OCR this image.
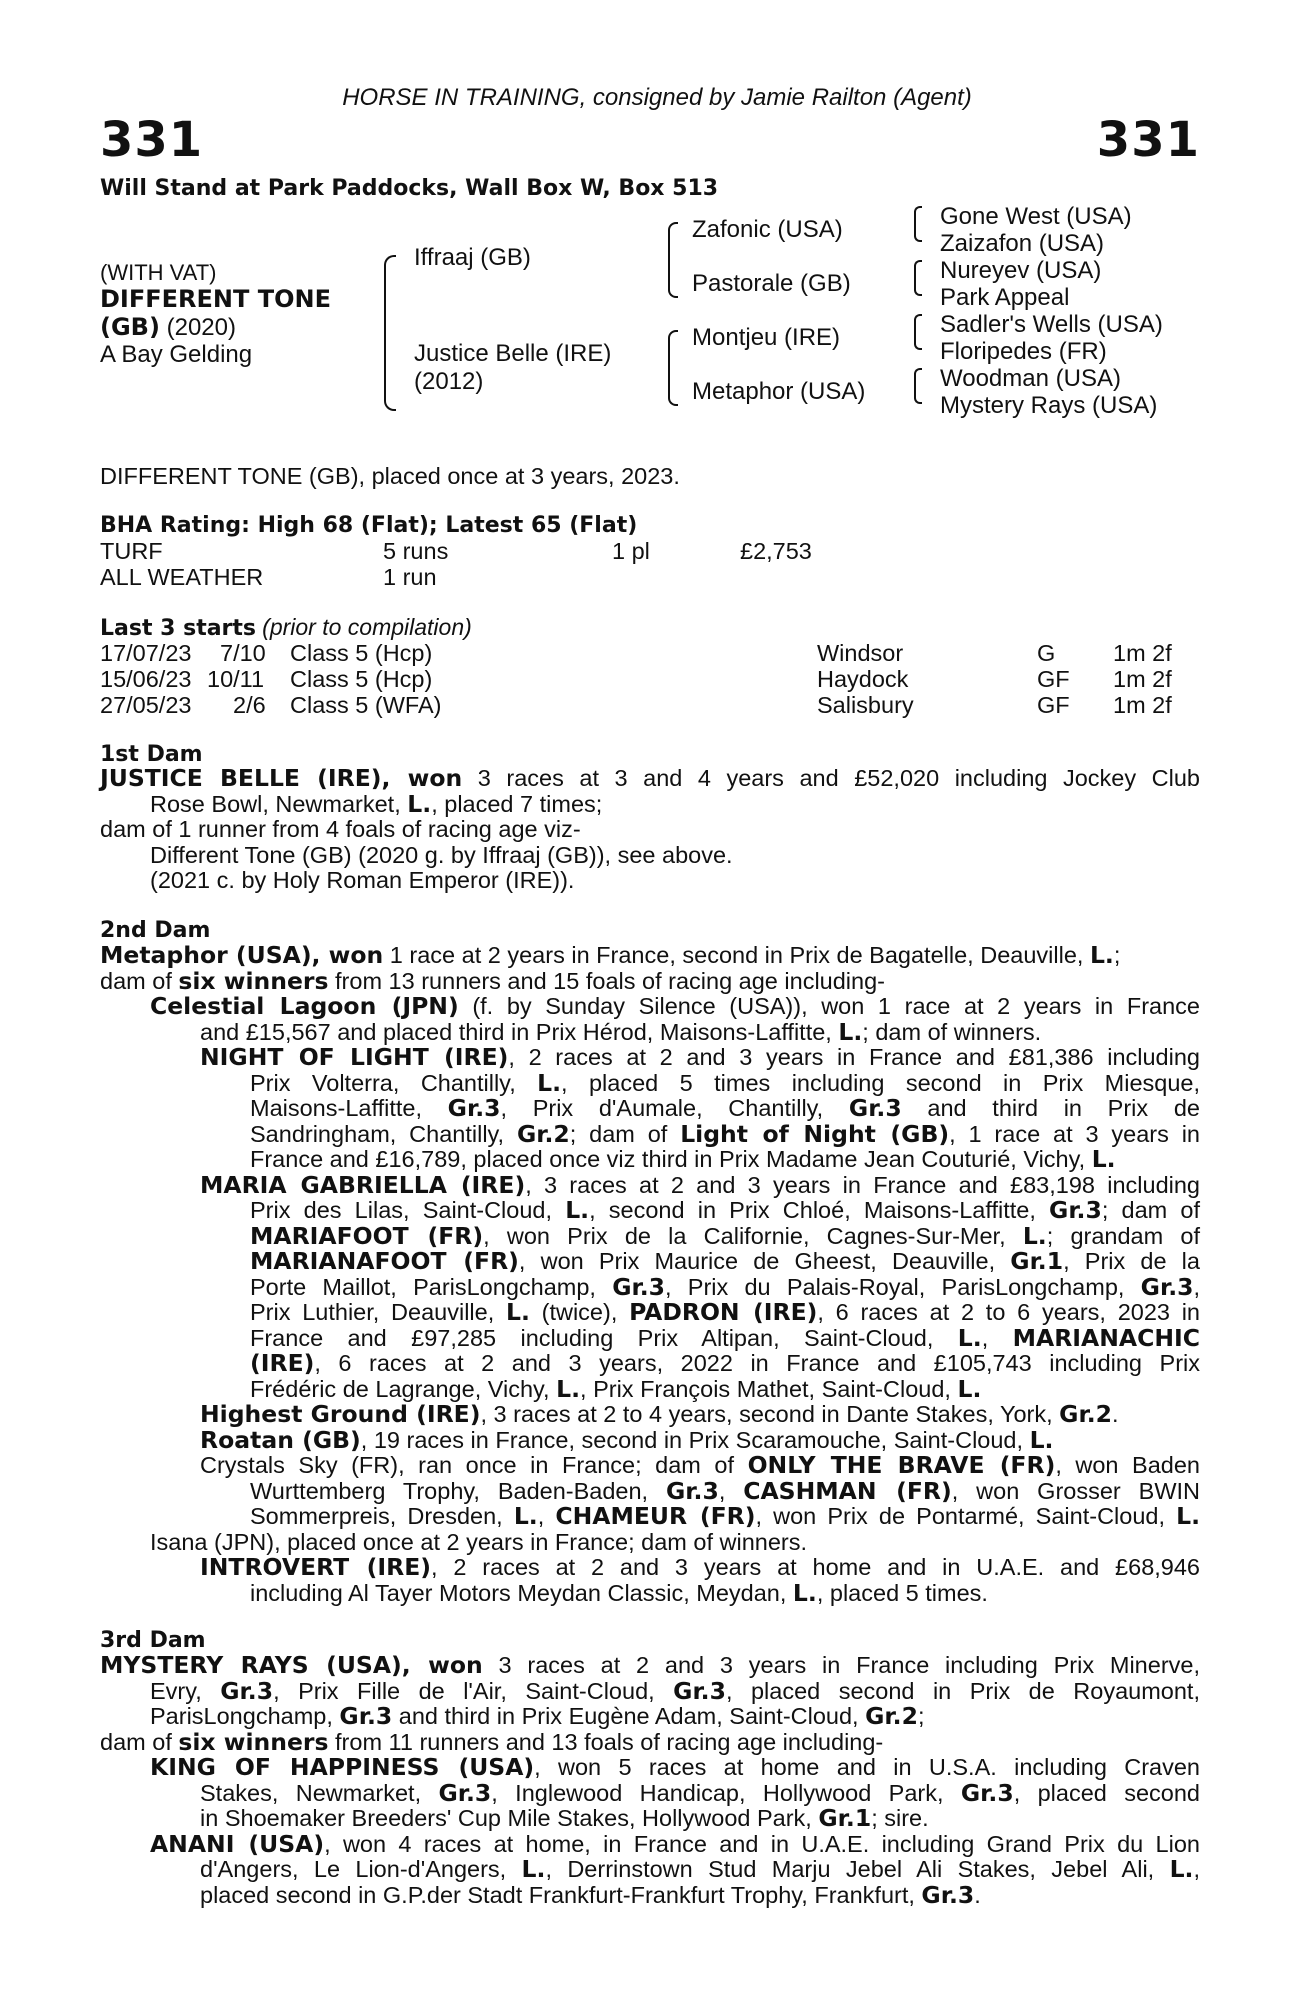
HORSE IN TRAINING, consigned by Jamie Railton (Agent)
331	331
Will Stand at Park Paddocks, Wall Box W, Box 513
(WITH VAT)
DIFFERENT TONE
(GB) (2020)
A Bay Gelding
Iffraaj (GB)
Justice Belle (IRE)
(2012)
Zafonic (USA)
Pastorale (GB)
Montjeu (IRE)
Metaphor (USA)
Gone West (USA)
Zaizafon (USA)
Nureyev (USA)
Park Appeal
Sadler's Wells (USA)
Floripedes (FR)
Woodman (USA)
Mystery Rays (USA)
DIFFERENT TONE (GB), placed once at 3 years, 2023.
BHA Rating: High 68 (Flat); Latest 65 (Flat)
TURF	5 runs	1 pl	£2,753
ALL WEATHER	1 run
Last 3 starts (prior to compilation)
17/07/23 7/10 Class 5 (Hcp)	Windsor	G 1m 2f
15/06/23 10/11 Class 5 (Hcp)	Haydock	GF 1m 2f
27/05/23 2/6 Class 5 (WFA)	Salisbury	GF 1m 2f
1st Dam
JUSTICE BELLE (IRE), won 3 races at 3 and 4 years and £52,020 including Jockey Club
Rose Bowl, Newmarket, L., placed 7 times;
dam of 1 runner from 4 foals of racing age viz-
Different Tone (GB) (2020 g. by Iffraaj (GB)), see above.
(2021 c. by Holy Roman Emperor (IRE)).
2nd Dam
Metaphor (USA), won 1 race at 2 years in France, second in Prix de Bagatelle, Deauville, L.;
dam of six winners from 13 runners and 15 foals of racing age including-
Celestial Lagoon (JPN) (f. by Sunday Silence (USA)), won 1 race at 2 years in France
and £15,567 and placed third in Prix Hérod, Maisons-Laffitte, L.; dam of winners.
NIGHT OF LIGHT (IRE), 2 races at 2 and 3 years in France and £81,386 including
Prix Volterra, Chantilly, L., placed 5 times including second in Prix Miesque,
Maisons-Laffitte, Gr.3, Prix d'Aumale, Chantilly, Gr.3 and third in Prix de
Sandringham, Chantilly, Gr.2; dam of Light of Night (GB), 1 race at 3 years in
France and £16,789, placed once viz third in Prix Madame Jean Couturié, Vichy, L.
MARIA GABRIELLA (IRE), 3 races at 2 and 3 years in France and £83,198 including
Prix des Lilas, Saint-Cloud, L., second in Prix Chloé, Maisons-Laffitte, Gr.3; dam of
MARIAFOOT (FR), won Prix de la Californie, Cagnes-Sur-Mer, L.; grandam of
MARIANAFOOT (FR), won Prix Maurice de Gheest, Deauville, Gr.1, Prix de la
Porte Maillot, ParisLongchamp, Gr.3, Prix du Palais-Royal, ParisLongchamp, Gr.3,
Prix Luthier, Deauville, L. (twice), PADRON (IRE), 6 races at 2 to 6 years, 2023 in
France and £97,285 including Prix Altipan, Saint-Cloud, L., MARIANACHIC
(IRE), 6 races at 2 and 3 years, 2022 in France and £105,743 including Prix
Frédéric de Lagrange, Vichy, L., Prix François Mathet, Saint-Cloud, L.
Highest Ground (IRE), 3 races at 2 to 4 years, second in Dante Stakes, York, Gr.2.
Roatan (GB), 19 races in France, second in Prix Scaramouche, Saint-Cloud, L.
Crystals Sky (FR), ran once in France; dam of ONLY THE BRAVE (FR), won Baden
Wurttemberg Trophy, Baden-Baden, Gr.3, CASHMAN (FR), won Grosser BWIN
Sommerpreis, Dresden, L., CHAMEUR (FR), won Prix de Pontarmé, Saint-Cloud, L.
Isana (JPN), placed once at 2 years in France; dam of winners.
INTROVERT (IRE), 2 races at 2 and 3 years at home and in U.A.E. and £68,946
including Al Tayer Motors Meydan Classic, Meydan, L., placed 5 times.
3rd Dam
MYSTERY RAYS (USA), won 3 races at 2 and 3 years in France including Prix Minerve,
Evry, Gr.3, Prix Fille de l'Air, Saint-Cloud, Gr.3, placed second in Prix de Royaumont,
ParisLongchamp, Gr.3 and third in Prix Eugène Adam, Saint-Cloud, Gr.2;
dam of six winners from 11 runners and 13 foals of racing age including-
KING OF HAPPINESS (USA), won 5 races at home and in U.S.A. including Craven
Stakes, Newmarket, Gr.3, Inglewood Handicap, Hollywood Park, Gr.3, placed second
in Shoemaker Breeders' Cup Mile Stakes, Hollywood Park, Gr.1; sire.
ANANI (USA), won 4 races at home, in France and in U.A.E. including Grand Prix du Lion
d'Angers, Le Lion-d'Angers, L., Derrinstown Stud Marju Jebel Ali Stakes, Jebel Ali, L.,
placed second in G.P.der Stadt Frankfurt-Frankfurt Trophy, Frankfurt, Gr.3.
